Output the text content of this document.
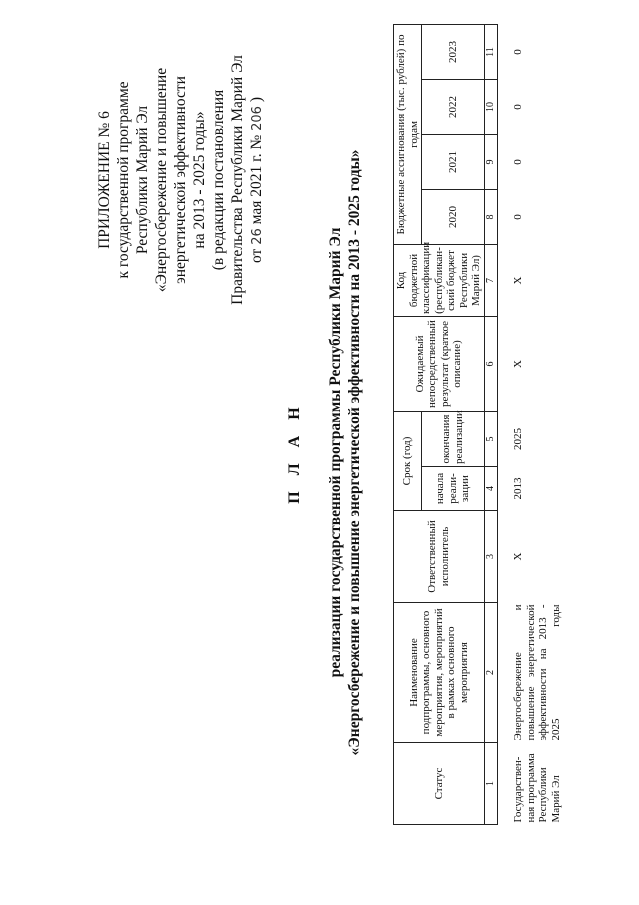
ПРИЛОЖЕНИЕ № 6 к государственной программе Республики Марий Эл «Энергосбережение и повышение энергетической эффективности на 2013 - 2025 годы» (в редакции постановления Правительства Республики Марий Эл от 26 мая 2021 г. № 206 )
П Л А Н реализации государственной программы Республики Марий Эл «Энергосбережение и повышение энергетической эффективности на 2013 - 2025 годы»
Статус	Наименование подпрограммы, основного мероприятия, мероприятий в рамках основного мероприятия	Ответственный исполнитель	Срок (год)		Ожидаемый непосредственный результат (краткое описание)	Код бюджетной классификации (республикан-ский бюджет Республики Марий Эл)	Бюджетные ассигнования (тыс. рублей) по годам			
			начала реали-зации	окончания реализации			2020	2021	2022	2023

1	2	3	4	5	6	7	8	9	10	11
Государствен-ная программа Республики Марий Эл	Энергосбережение и повышение энергетической эффективности на 2013 - 2025 годы	Х	2013	2025	Х	Х	0	0	0	0
